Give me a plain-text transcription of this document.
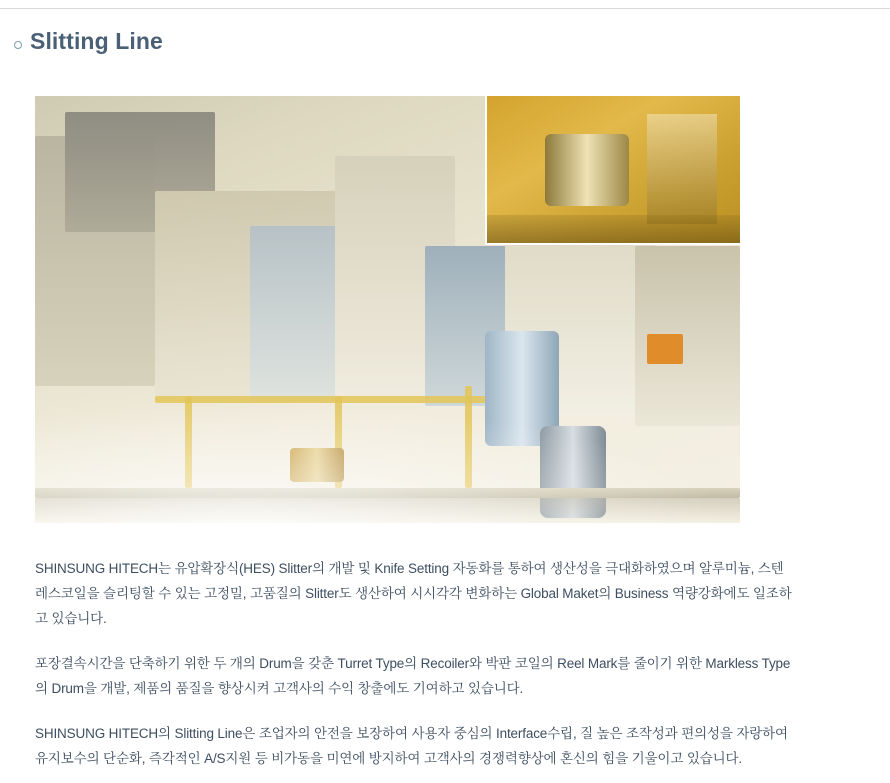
Slitting Line

SHINSUNG HITECH는 유압확장식(HES) Slitter의 개발 및 Knife Setting 자동화를 통하여 생산성을 극대화하였으며 알루미늄, 스텐레스코일을 슬리팅할 수 있는 고정밀, 고품질의 Slitter도 생산하여 시시각각 변화하는 Global Maket의 Business 역량강화에도 일조하고 있습니다.

포장결속시간을 단축하기 위한 두 개의 Drum을 갖춘 Turret Type의 Recoiler와 박판 코일의 Reel Mark를 줄이기 위한 Markless Type의 Drum을 개발, 제품의 품질을 향상시켜 고객사의 수익 창출에도 기여하고 있습니다.

SHINSUNG HITECH의 Slitting Line은 조업자의 안전을 보장하여 사용자 중심의 Interface수립, 질 높은 조작성과 편의성을 자랑하여 유지보수의 단순화, 즉각적인 A/S지원 등 비가동을 미연에 방지하여 고객사의 경쟁력향상에 혼신의 힘을 기울이고 있습니다.
